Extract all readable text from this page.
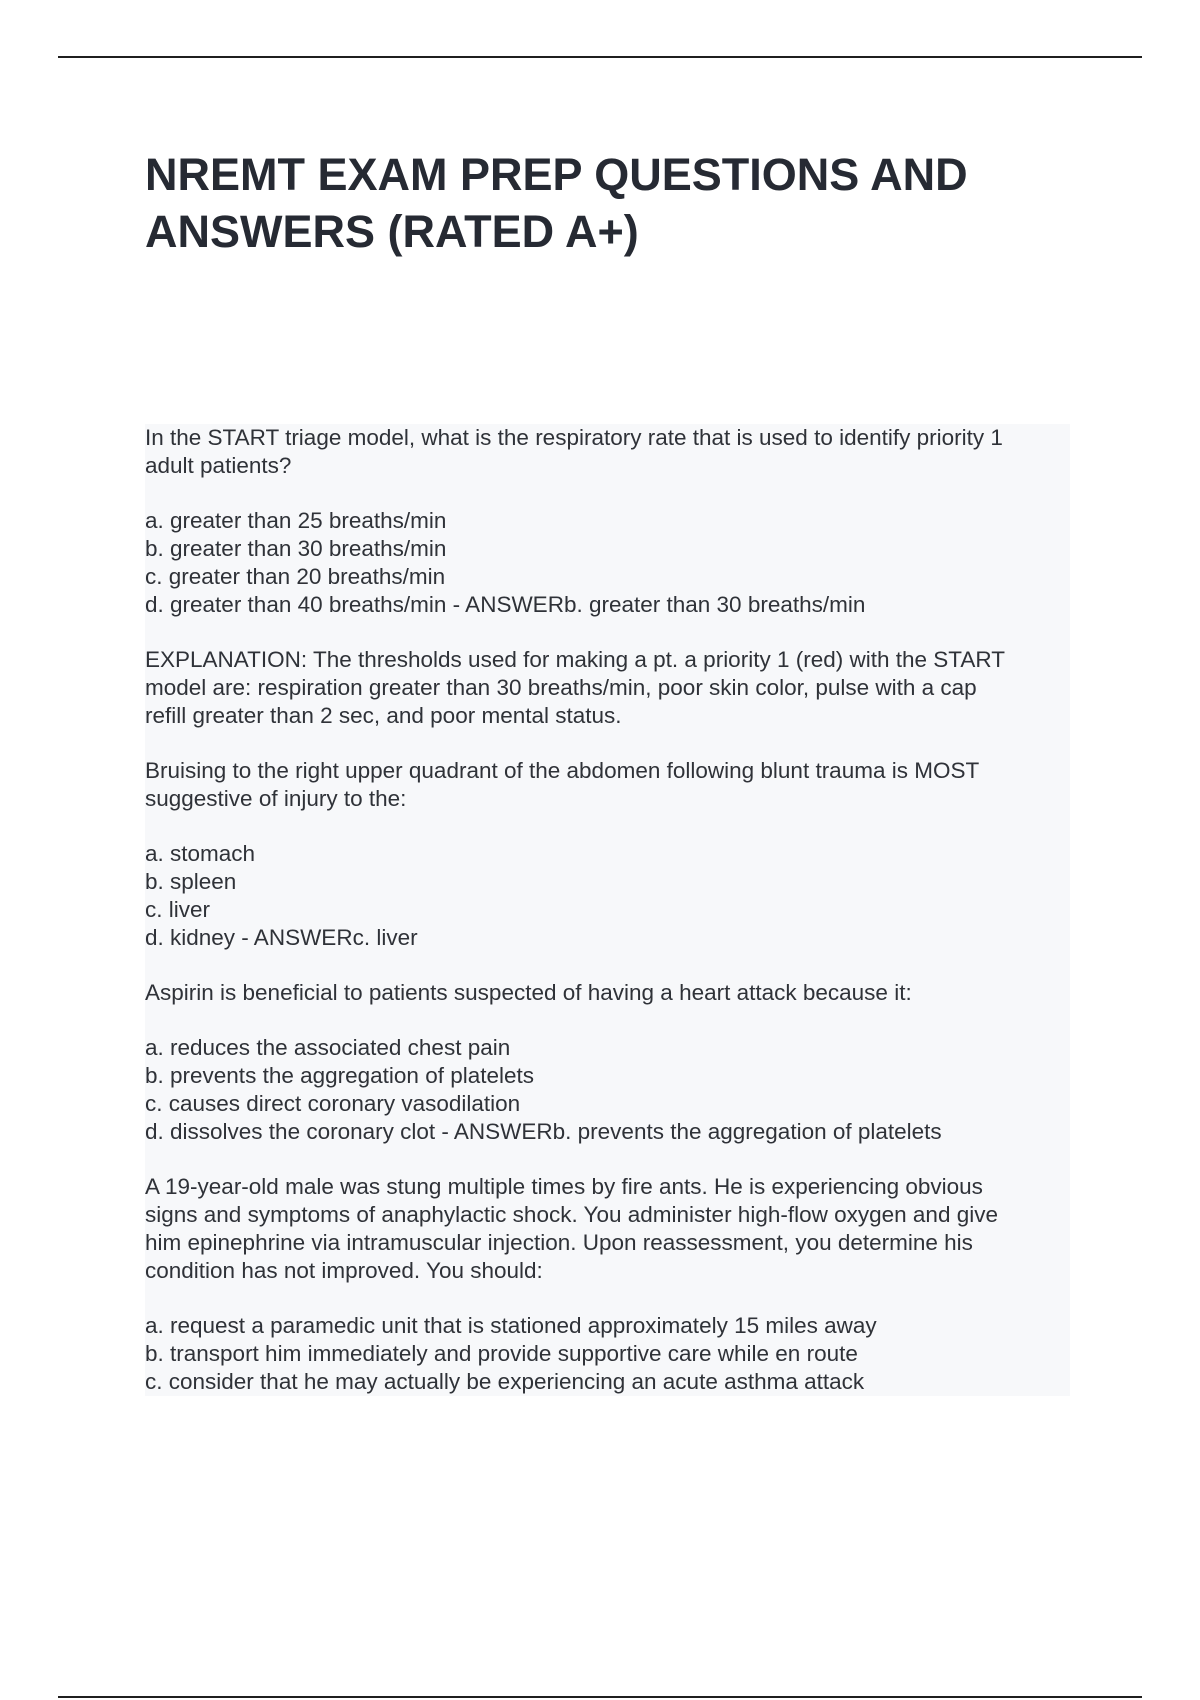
NREMT EXAM PREP QUESTIONS AND
ANSWERS (RATED A+)

In the START triage model, what is the respiratory rate that is used to identify priority 1
adult patients?

a. greater than 25 breaths/min
b. greater than 30 breaths/min
c. greater than 20 breaths/min
d. greater than 40 breaths/min - ANSWERb. greater than 30 breaths/min

EXPLANATION: The thresholds used for making a pt. a priority 1 (red) with the START
model are: respiration greater than 30 breaths/min, poor skin color, pulse with a cap
refill greater than 2 sec, and poor mental status.

Bruising to the right upper quadrant of the abdomen following blunt trauma is MOST
suggestive of injury to the:

a. stomach
b. spleen
c. liver
d. kidney - ANSWERc. liver

Aspirin is beneficial to patients suspected of having a heart attack because it:

a. reduces the associated chest pain
b. prevents the aggregation of platelets
c. causes direct coronary vasodilation
d. dissolves the coronary clot - ANSWERb. prevents the aggregation of platelets

A 19-year-old male was stung multiple times by fire ants. He is experiencing obvious
signs and symptoms of anaphylactic shock. You administer high-flow oxygen and give
him epinephrine via intramuscular injection. Upon reassessment, you determine his
condition has not improved. You should:

a. request a paramedic unit that is stationed approximately 15 miles away
b. transport him immediately and provide supportive care while en route
c. consider that he may actually be experiencing an acute asthma attack
